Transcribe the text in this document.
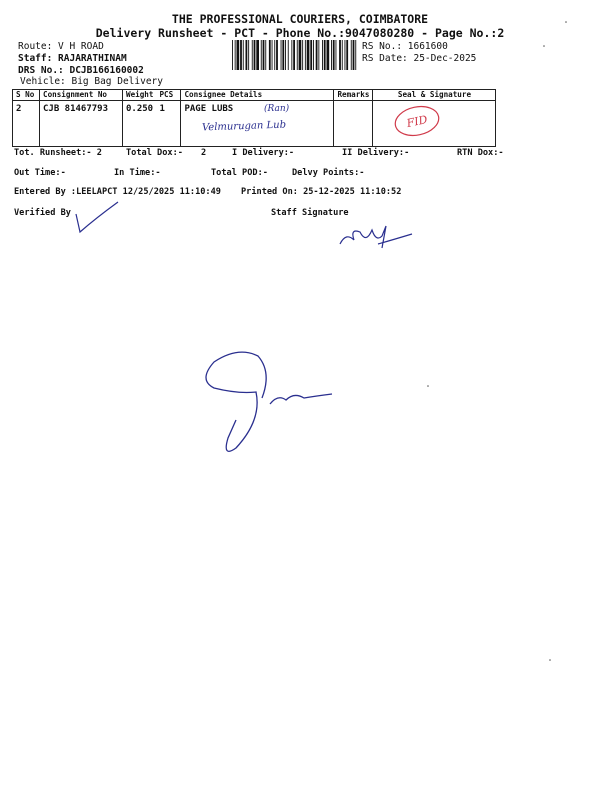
THE PROFESSIONAL COURIERS, COIMBATORE
Delivery Runsheet - PCT - Phone No.:9047080280 - Page No.:2
Route: V H ROAD
Staff: RAJARATHINAM
DRS No.: DCJB166160002
Vehicle: Big Bag Delivery
RS No.: 1661600
RS Date: 25-Dec-2025
S No	Consignment No	Weight	PCS	Consignee Details	Remarks	Seal & Signature
2	CJB 81467793	0.250	1	PAGE LUBS		
Tot. Runsheet:- 2	Total Dox:- 2	I Delivery:-	II Delivery:-	RTN Dox:-
Out Time:-	In Time:-	Total POD:-	Delvy Points:-
Entered By :LEELAPCT 12/25/2025 11:10:49 Printed On: 25-12-2025 11:10:52
Verified By	Staff Signature
(Ran)
Velmurugan Lub	FID
